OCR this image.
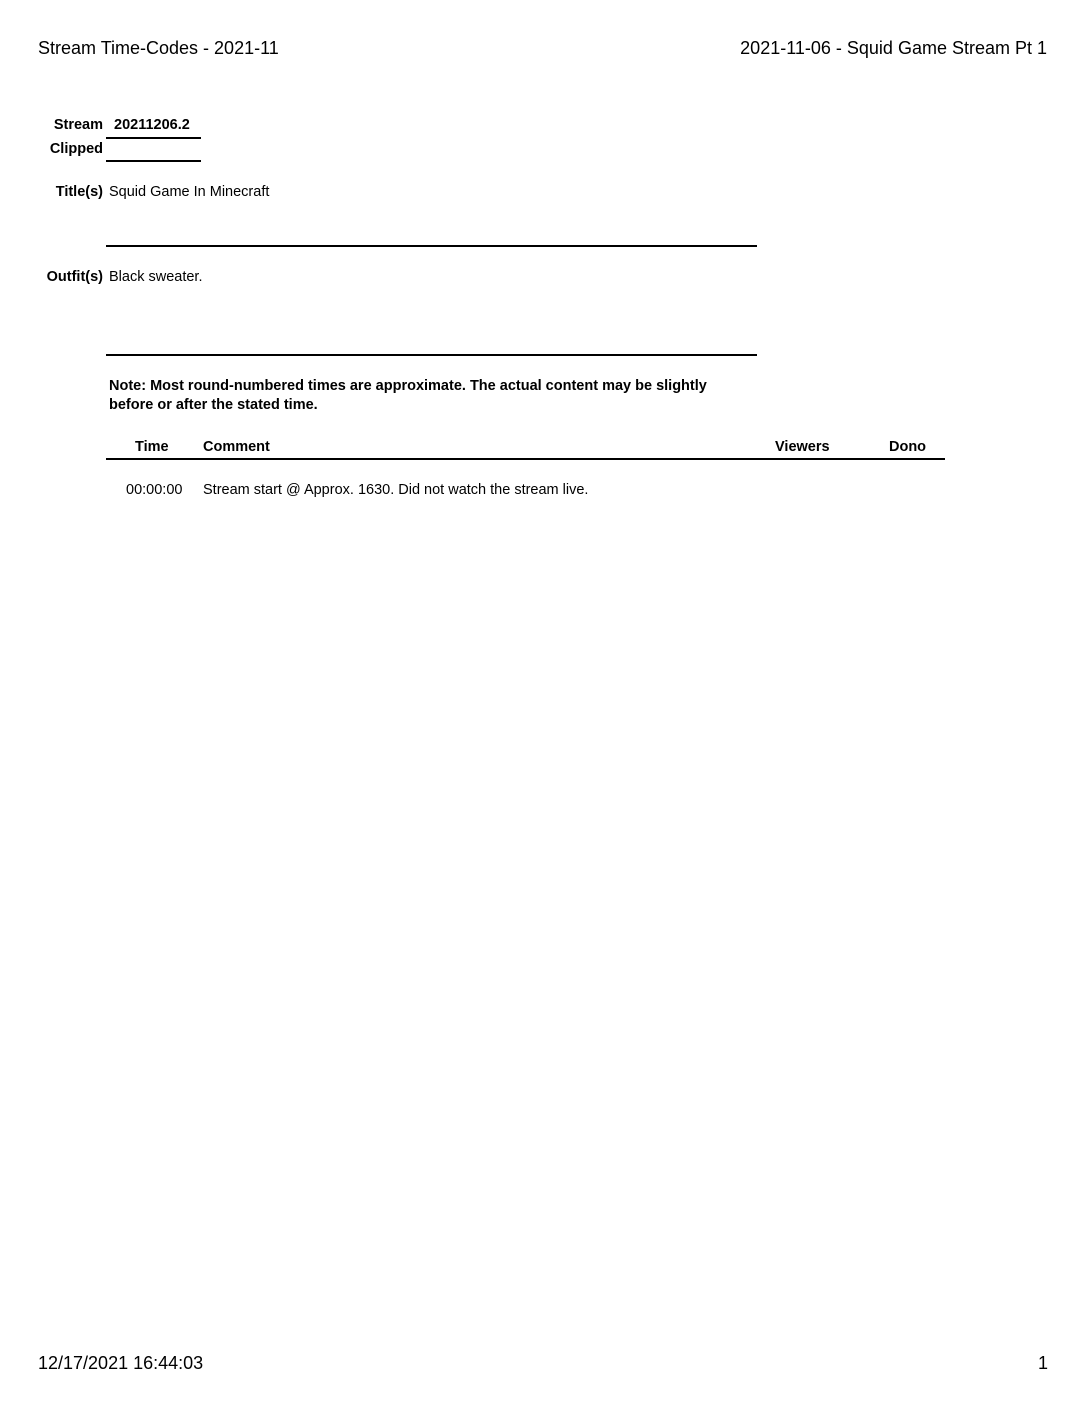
Stream Time-Codes - 2021-11	2021-11-06 - Squid Game Stream Pt 1
Stream 20211206.2
Clipped
Title(s) Squid Game In Minecraft
Outfit(s) Black sweater.
Note: Most round-numbered times are approximate. The actual content may be slightly before or after the stated time.
Time Comment	Viewers	Dono
00:00:00 Stream start @ Approx. 1630. Did not watch the stream live.
12/17/2021 16:44:03	1
